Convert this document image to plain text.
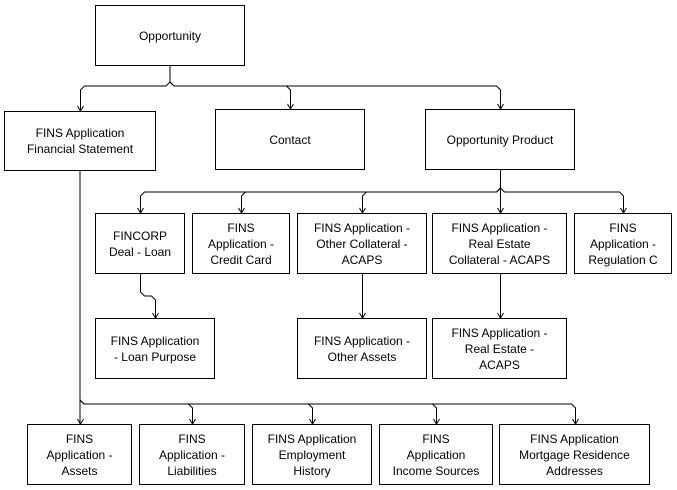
Opportunity
FINS Application
Financial Statement
Contact	Opportunity Product
FINCORP
Deal - Loan
FINS
Application -
Credit Card
FINS Application -
Other Collateral -
ACAPS
FINS Application -
Real Estate
Collateral - ACAPS
FINS
Application -
Regulation C
FINS Application
- Loan Purpose
FINS Application -
Other Assets
FINS Application -
Real Estate -
ACAPS
FINS
Application -
Assets
FINS
Application -
Liabilities
FINS Application
Employment
History
FINS
Application
Income Sources
FINS Application
Mortgage Residence
Addresses
